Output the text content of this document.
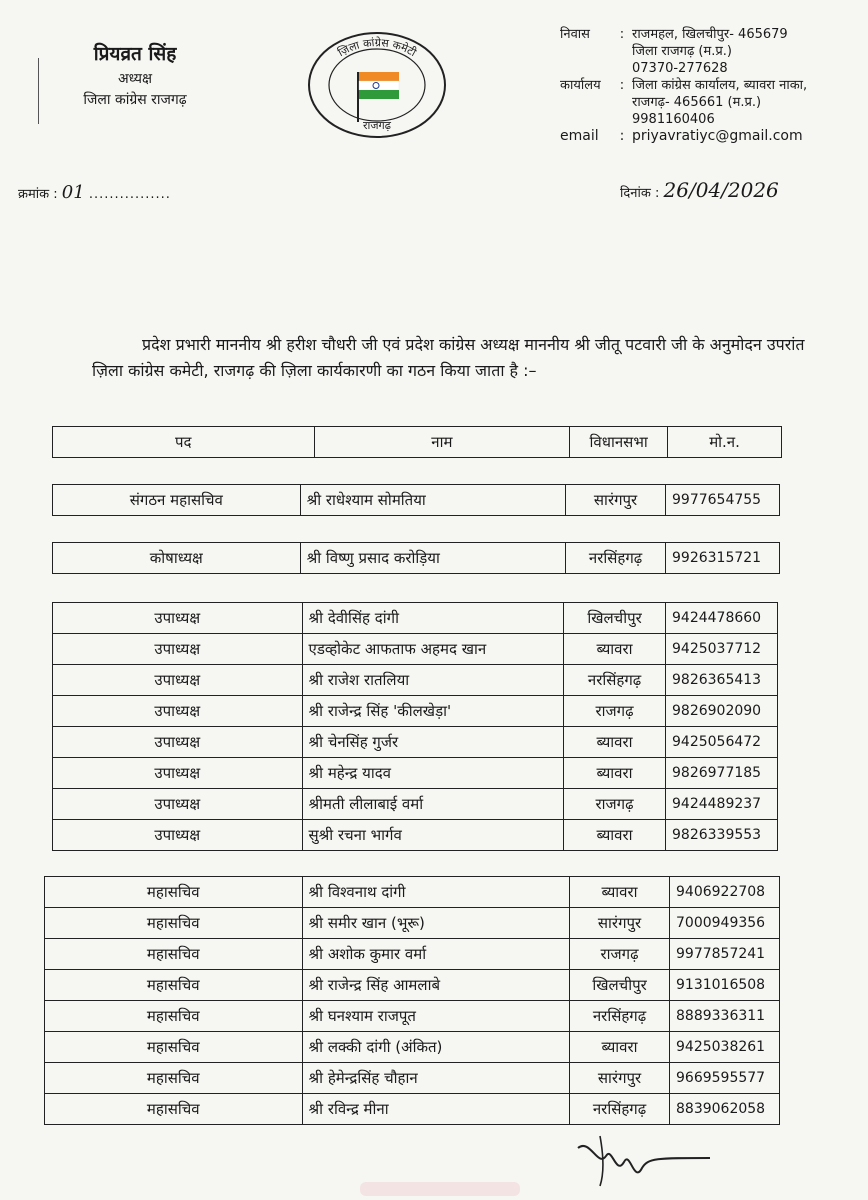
प्रियव्रत सिंह
अध्यक्ष
जिला कांग्रेस राजगढ़
ज़िला कांग्रेस कमेटी
राजगढ़
निवास	: राजमहल, खिलचीपुर- 465679
जिला राजगढ़ (म.प्र.)
07370-277628
कार्यालय	: जिला कांग्रेस कार्यालय, ब्यावरा नाका,
राजगढ़- 465661 (म.प्र.)
9981160406
email	: priyavratiyc@gmail.com
क्रमांक : 01 ................	दिनांक : 26/04/2026
प्रदेश प्रभारी माननीय श्री हरीश चौधरी जी एवं प्रदेश कांग्रेस अध्यक्ष माननीय श्री जीतू पटवारी जी के अनुमोदन उपरांत ज़िला कांग्रेस कमेटी, राजगढ़ की ज़िला कार्यकारणी का गठन किया जाता है :–
पद	नाम	विधानसभा	मो.न.
संगठन महासचिव	श्री राधेश्याम सोमतिया	सारंगपुर	9977654755
कोषाध्यक्ष	श्री विष्णु प्रसाद करोड़िया	नरसिंहगढ़	9926315721
उपाध्यक्ष	श्री देवीसिंह दांगी	खिलचीपुर	9424478660
उपाध्यक्ष	एडव्होकेट आफताफ अहमद खान	ब्यावरा	9425037712
उपाध्यक्ष	श्री राजेश रातलिया	नरसिंहगढ़	9826365413
उपाध्यक्ष	श्री राजेन्द्र सिंह 'कीलखेड़ा'	राजगढ़	9826902090
उपाध्यक्ष	श्री चेनसिंह गुर्जर	ब्यावरा	9425056472
उपाध्यक्ष	श्री महेन्द्र यादव	ब्यावरा	9826977185
उपाध्यक्ष	श्रीमती लीलाबाई वर्मा	राजगढ़	9424489237
उपाध्यक्ष	सुश्री रचना भार्गव	ब्यावरा	9826339553
महासचिव	श्री विश्वनाथ दांगी	ब्यावरा	9406922708
महासचिव	श्री समीर खान (भूरू)	सारंगपुर	7000949356
महासचिव	श्री अशोक कुमार वर्मा	राजगढ़	9977857241
महासचिव	श्री राजेन्द्र सिंह आमलाबे	खिलचीपुर	9131016508
महासचिव	श्री घनश्याम राजपूत	नरसिंहगढ़	8889336311
महासचिव	श्री लक्की दांगी (अंकित)	ब्यावरा	9425038261
महासचिव	श्री हेमेन्द्रसिंह चौहान	सारंगपुर	9669595577
महासचिव	श्री रविन्द्र मीना	नरसिंहगढ़	8839062058
